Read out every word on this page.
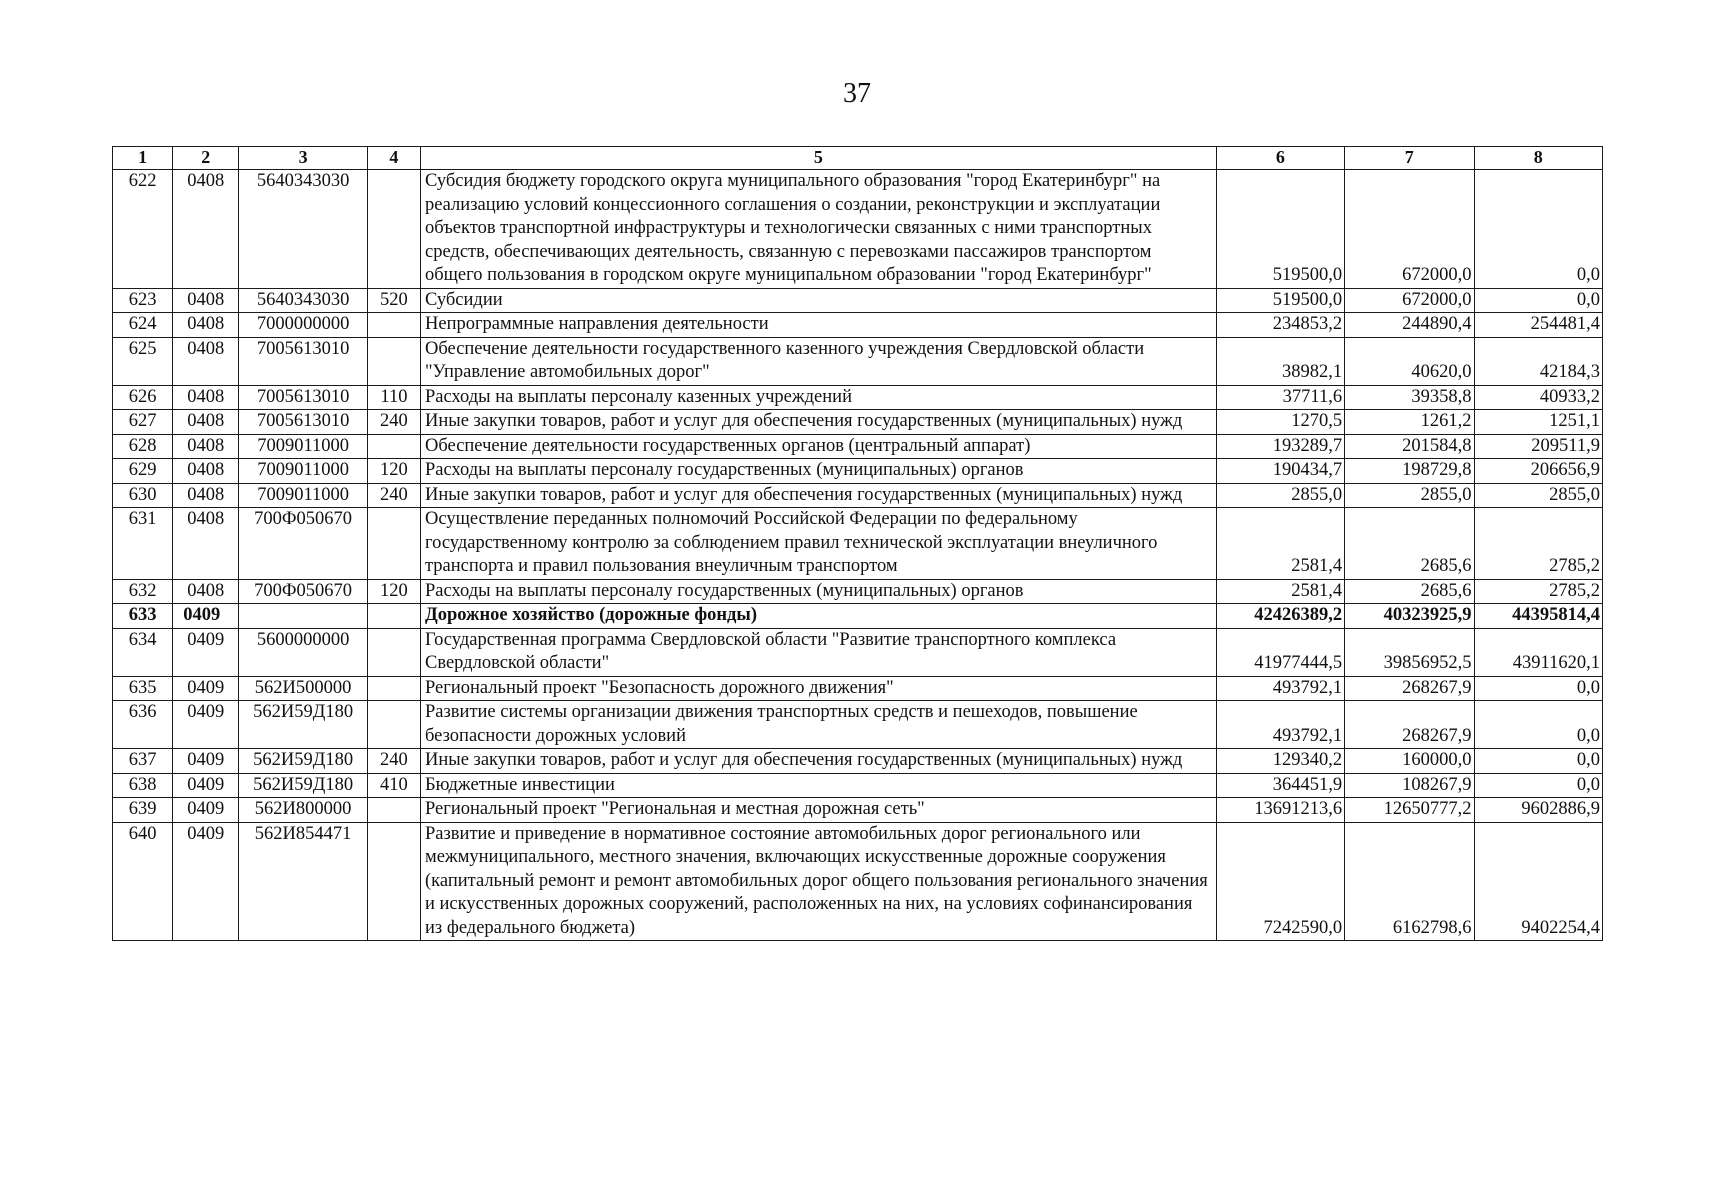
37
1	2	3	4	5	6	7	8
622	0408	5640343030		Субсидия бюджету городского округа муниципального образования "город Екатеринбург" на реализацию условий концессионного соглашения о создании, реконструкции и эксплуатации объектов транспортной инфраструктуры и технологически связанных с ними транспортных средств, обеспечивающих деятельность, связанную с перевозками пассажиров транспортом общего пользования в городском округе муниципальном образовании "город Екатеринбург"	519500,0	672000,0	0,0
623	0408	5640343030	520	Субсидии	519500,0	672000,0	0,0
624	0408	7000000000		Непрограммные направления деятельности	234853,2	244890,4	254481,4
625	0408	7005613010		Обеспечение деятельности государственного казенного учреждения Свердловской области "Управление автомобильных дорог"	38982,1	40620,0	42184,3
626	0408	7005613010	110	Расходы на выплаты персоналу казенных учреждений	37711,6	39358,8	40933,2
627	0408	7005613010	240	Иные закупки товаров, работ и услуг для обеспечения государственных (муниципальных) нужд	1270,5	1261,2	1251,1
628	0408	7009011000		Обеспечение деятельности государственных органов (центральный аппарат)	193289,7	201584,8	209511,9
629	0408	7009011000	120	Расходы на выплаты персоналу государственных (муниципальных) органов	190434,7	198729,8	206656,9
630	0408	7009011000	240	Иные закупки товаров, работ и услуг для обеспечения государственных (муниципальных) нужд	2855,0	2855,0	2855,0
631	0408	700Ф050670		Осуществление переданных полномочий Российской Федерации по федеральному государственному контролю за соблюдением правил технической эксплуатации внеуличного транспорта и правил пользования внеуличным транспортом	2581,4	2685,6	2785,2
632	0408	700Ф050670	120	Расходы на выплаты персоналу государственных (муниципальных) органов	2581,4	2685,6	2785,2
633	0409			Дорожное хозяйство (дорожные фонды)	42426389,2	40323925,9	44395814,4
634	0409	5600000000		Государственная программа Свердловской области "Развитие транспортного комплекса Свердловской области"	41977444,5	39856952,5	43911620,1
635	0409	562И500000		Региональный проект "Безопасность дорожного движения"	493792,1	268267,9	0,0
636	0409	562И59Д180		Развитие системы организации движения транспортных средств и пешеходов, повышение безопасности дорожных условий	493792,1	268267,9	0,0
637	0409	562И59Д180	240	Иные закупки товаров, работ и услуг для обеспечения государственных (муниципальных) нужд	129340,2	160000,0	0,0
638	0409	562И59Д180	410	Бюджетные инвестиции	364451,9	108267,9	0,0
639	0409	562И800000		Региональный проект "Региональная и местная дорожная сеть"	13691213,6	12650777,2	9602886,9
640	0409	562И854471		Развитие и приведение в нормативное состояние автомобильных дорог регионального или межмуниципального, местного значения, включающих искусственные дорожные сооружения (капитальный ремонт и ремонт автомобильных дорог общего пользования регионального значения и искусственных дорожных сооружений, расположенных на них, на условиях софинансирования из федерального бюджета)	7242590,0	6162798,6	9402254,4
